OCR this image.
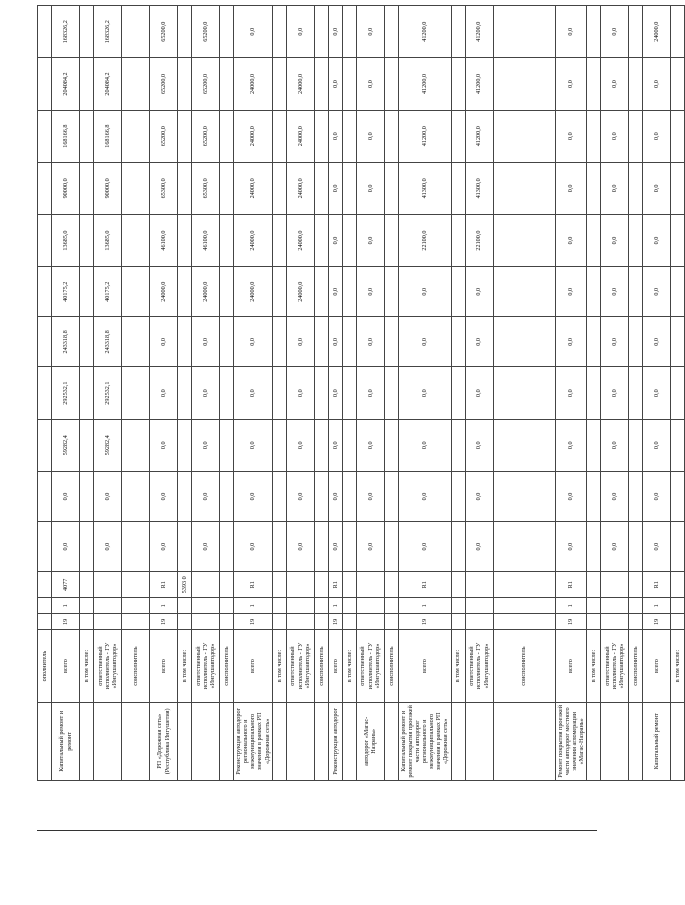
	ополнитель														
Капитальный ремонт и ремонт	всего	19	1	4077	0,0	0,0	59282,4	292532,1	243318,8	40175,2	13685,0	90000,0	168166,8	204084,2	168326,2
	в том числе:														
	ответственный исполнитель - ГУ «Ингушавтодор»				0,0	0,0	59282,4	292532,1	243318,8	40175,2	13685,0	90000,0	168166,8	204084,2	168326,2
	соисполнитель														
РП «Дорожная сеть» (Республика Ингушетия)	всего	19	1	R1	0,0	0,0	0,0	0,0	0,0	24000,0	46100,0	65300,0	65200,0	65200,0	65200,0
	в том числе:			5393 0											
	ответственный исполнитель - ГУ «Ингушавтодор»				0,0	0,0	0,0	0,0	0,0	24000,0	46100,0	65300,0	65200,0	65200,0	65200,0
	соисполнитель														
Реконструкция автодорог регионального и межмуниципального значения в рамках РП «Дорожная сеть»	всего	19	1	R1	0,0	0,0	0,0	0,0	0,0	24000,0	24000,0	24000,0	24000,0	24000,0	0,0
	в том числе:														
	ответственный исполнитель - ГУ «Ингушавтодор»				0,0	0,0	0,0	0,0	0,0	24000,0	24000,0	24000,0	24000,0	24000,0	0,0
	соисполнитель														
Реконструкция автодорог	всего	19	1	R1	0,0	0,0	0,0	0,0	0,0	0,0	0,0	0,0	0,0	0,0	0,0
	в том числе:														
автодорог «Магас-Назрань»	ответственный исполнитель - ГУ «Ингушавтодор»				0,0	0,0	0,0	0,0	0,0	0,0	0,0	0,0	0,0	0,0	0,0
	соисполнитель														
Капитальный ремонт и ремонт покрытия проезжей части автодорог регионального и межмуниципального значения в рамках РП «Дорожная сеть»	всего	19	1	R1	0,0	0,0	0,0	0,0	0,0	0,0	22100,0	41300,0	41200,0	41200,0	41200,0
	в том числе:														
	ответственный исполнитель - ГУ «Ингушавтодор»				0,0	0,0	0,0	0,0	0,0	0,0	22100,0	41300,0	41200,0	41200,0	41200,0
	соисполнитель														
Ремонт покрытия проезжей части автодорог местного значения агломерации «Магас-Назрань»	всего	19	1	R1	0,0	0,0	0,0	0,0	0,0	0,0	0,0	0,0	0,0	0,0	0,0
	в том числе:														
	ответственный исполнитель - ГУ «Ингушавтодор»				0,0	0,0	0,0	0,0	0,0	0,0	0,0	0,0	0,0	0,0	0,0
	соисполнитель														
Капитальный ремонт	всего	19	1	R1	0,0	0,0	0,0	0,0	0,0	0,0	0,0	0,0	0,0	0,0	24000,0
	в том числе:														
